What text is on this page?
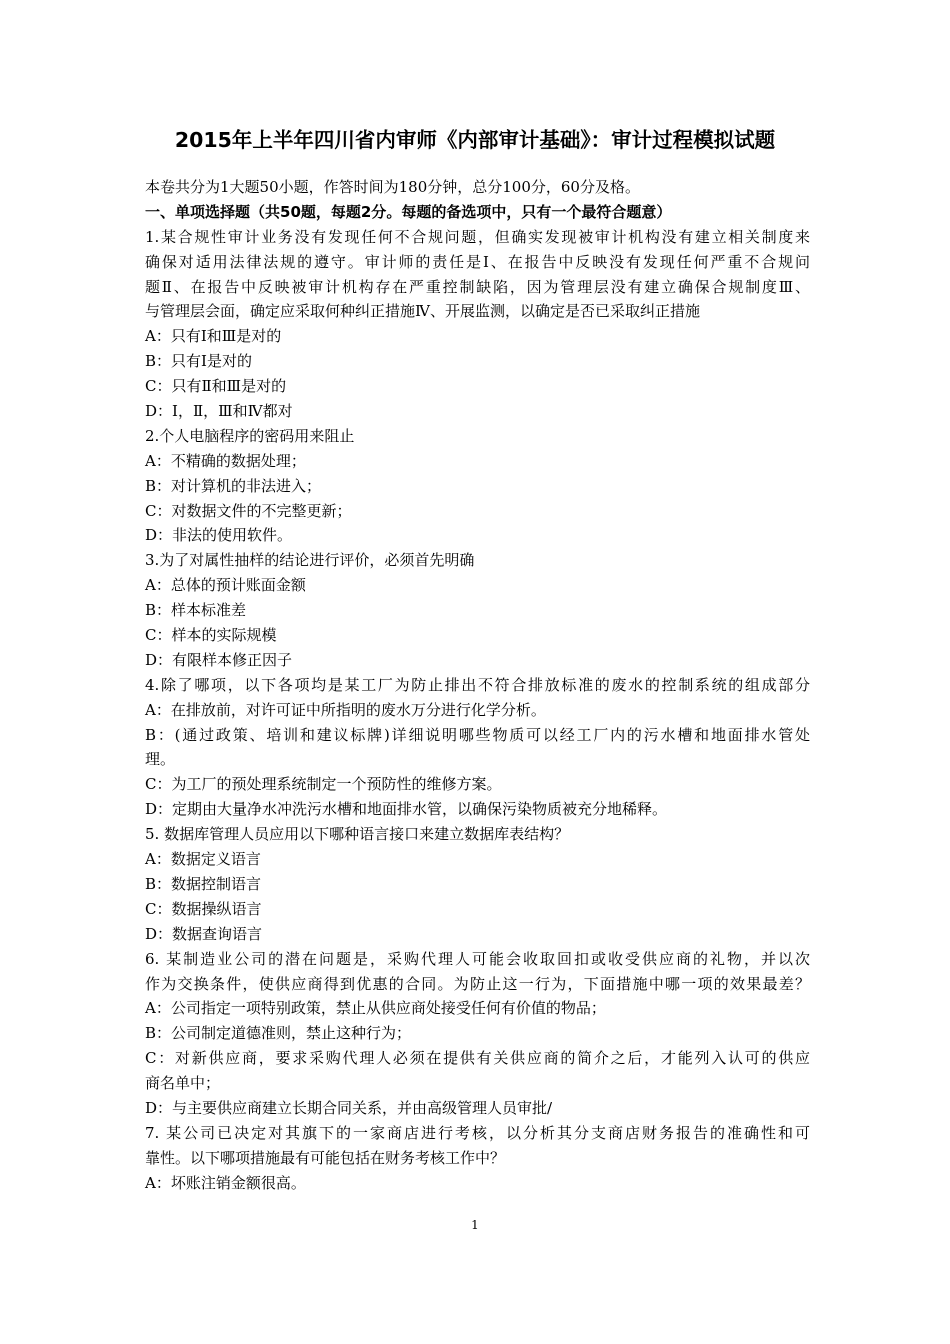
2015年上半年四川省内审师《内部审计基础》：审计过程模拟试题
本卷共分为1大题50小题，作答时间为180分钟，总分100分，60分及格。
一、单项选择题（共50题，每题2分。每题的备选项中，只有一个最符合题意）
1.某合规性审计业务没有发现任何不合规问题，但确实发现被审计机构没有建立相关制度来
确保对适用法律法规的遵守。审计师的责任是Ⅰ、在报告中反映没有发现任何严重不合规问
题Ⅱ、在报告中反映被审计机构存在严重控制缺陷，因为管理层没有建立确保合规制度Ⅲ、
与管理层会面，确定应采取何种纠正措施Ⅳ、开展监测，以确定是否已采取纠正措施
A：只有Ⅰ和Ⅲ是对的
B：只有Ⅰ是对的
C：只有Ⅱ和Ⅲ是对的
D：Ⅰ，Ⅱ，Ⅲ和Ⅳ都对
2.个人电脑程序的密码用来阻止
A：不精确的数据处理；
B：对计算机的非法进入；
C：对数据文件的不完整更新；
D：非法的使用软件。
3.为了对属性抽样的结论进行评价，必须首先明确
A：总体的预计账面金额
B：样本标准差
C：样本的实际规模
D：有限样本修正因子
4.除了哪项，以下各项均是某工厂为防止排出不符合排放标准的废水的控制系统的组成部分
A：在排放前，对许可证中所指明的废水万分进行化学分析。
B：(通过政策、培训和建议标牌)详细说明哪些物质可以经工厂内的污水槽和地面排水管处
理。
C：为工厂的预处理系统制定一个预防性的维修方案。
D：定期由大量净水冲洗污水槽和地面排水管，以确保污染物质被充分地稀释。
5. 数据库管理人员应用以下哪种语言接口来建立数据库表结构？
A：数据定义语言
B：数据控制语言
C：数据操纵语言
D：数据查询语言
6. 某制造业公司的潜在问题是，采购代理人可能会收取回扣或收受供应商的礼物，并以次
作为交换条件，使供应商得到优惠的合同。为防止这一行为，下面措施中哪一项的效果最差？
A：公司指定一项特别政策，禁止从供应商处接受任何有价值的物品；
B：公司制定道德准则，禁止这种行为；
C：对新供应商，要求采购代理人必须在提供有关供应商的简介之后，才能列入认可的供应
商名单中；
D：与主要供应商建立长期合同关系，并由高级管理人员审批/
7. 某公司已决定对其旗下的一家商店进行考核，以分析其分支商店财务报告的准确性和可
靠性。以下哪项措施最有可能包括在财务考核工作中？
A：坏账注销金额很高。
1
